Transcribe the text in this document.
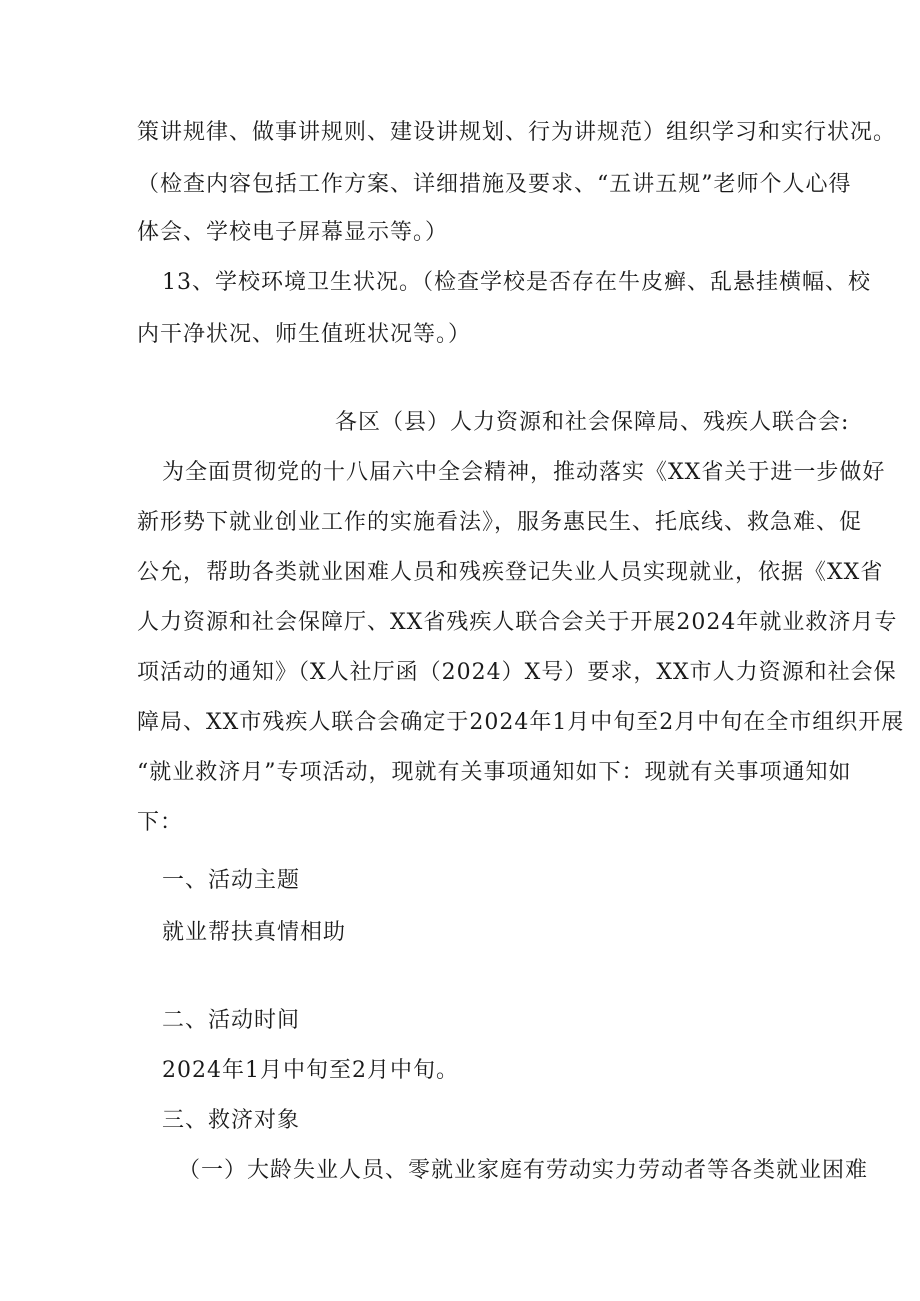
策讲规律、做事讲规则、建设讲规划、行为讲规范）组织学习和实行状况。
（检查内容包括工作方案、详细措施及要求、“五讲五规”老师个人心得
体会、学校电子屏幕显示等。）
13、学校环境卫生状况。（检查学校是否存在牛皮癣、乱悬挂横幅、校
内干净状况、师生值班状况等。）
各区（县）人力资源和社会保障局、残疾人联合会:
为全面贯彻党的十八届六中全会精神，推动落实《XX省关于进一步做好
新形势下就业创业工作的实施看法》，服务惠民生、托底线、救急难、促
公允，帮助各类就业困难人员和残疾登记失业人员实现就业，依据《XX省
人力资源和社会保障厅、XX省残疾人联合会关于开展2024年就业救济月专
项活动的通知》（X人社厅函（2024）X号）要求，XX市人力资源和社会保
障局、XX市残疾人联合会确定于2024年1月中旬至2月中旬在全市组织开展
“就业救济月”专项活动，现就有关事项通知如下：现就有关事项通知如
下：
一、活动主题
就业帮扶真情相助
二、活动时间
2024年1月中旬至2月中旬。
三、救济对象
（一）大龄失业人员、零就业家庭有劳动实力劳动者等各类就业困难
